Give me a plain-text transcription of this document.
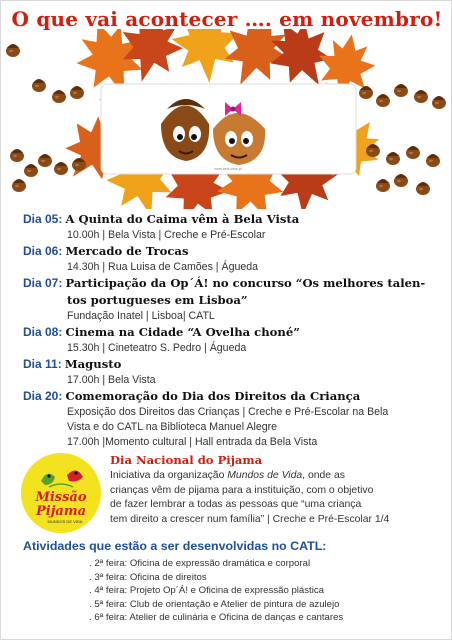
O que vai acontecer …. em novembro!
www.bela-vista.pt
Dia 05: A Quinta do Caima vêm à Bela Vista
10.00h | Bela Vista | Creche e Pré-Escolar
Dia 06: Mercado de Trocas
14.30h | Rua Luisa de Camões | Águeda
Dia 07: Participação da Op´Á! no concurso “Os melhores talen-
tos portugueses em Lisboa”
Fundação Inatel | Lisboa| CATL
Dia 08: Cinema na Cidade “A Ovelha choné”
15.30h | Cineteatro S. Pedro | Águeda
Dia 11: Magusto
17.00h | Bela Vista
Dia 20: Comemoração do Dia dos Direitos da Criança
Exposição dos Direitos das Crianças | Creche e Pré-Escolar na Bela
Vista e do CATL na Biblioteca Manuel Alegre
17.00h |Momento cultural | Hall entrada da Bela Vista
Missão
Pijama
MUNDOS DE VIDA
Dia Nacional do Pijama
Iniciativa da organização Mundos de Vida, onde as
crianças vêm de pijama para a instituição, com o objetivo
de fazer lembrar a todas as pessoas que “uma criança
tem direito a crescer num família” | Creche e Pré-Escolar 1/4
Atividades que estão a ser desenvolvidas no CATL:
. 2ª feira: Oficina de expressão dramática e corporal
. 3ª feira: Oficina de direitos
. 4ª feira: Projeto Op´Á! e Oficina de expressão plástica
. 5ª feira: Club de orientação e Atelier de pintura de azulejo
. 6ª feira: Atelier de culinária e Oficina de danças e cantares
